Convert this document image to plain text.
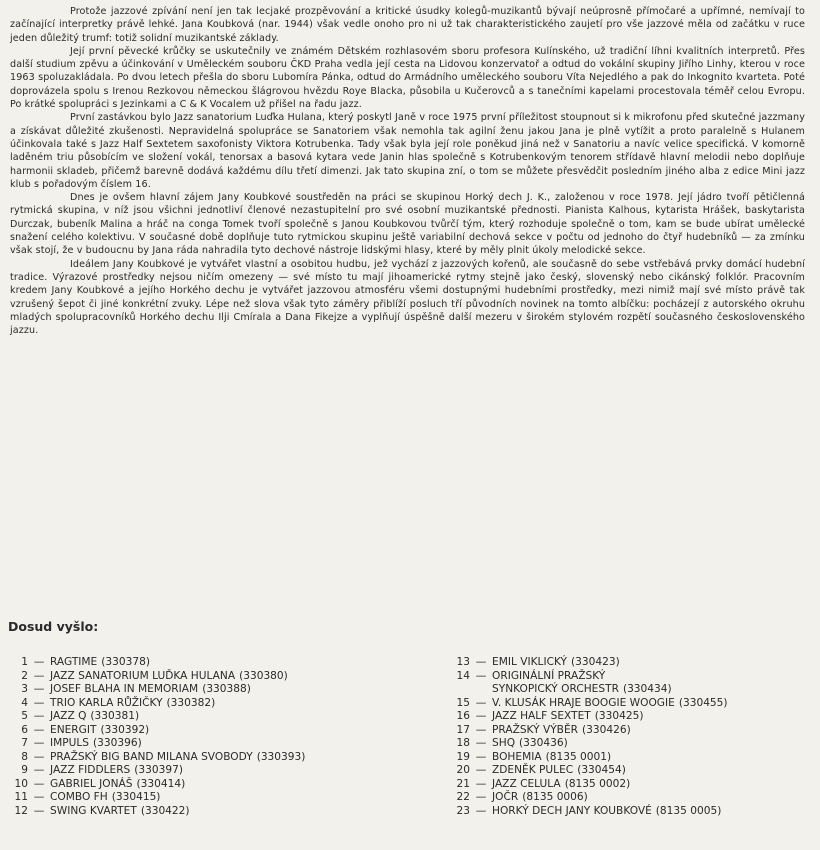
Protože jazzové zpívání není jen tak lecjaké prozpěvování a kritické úsudky kolegů-muzikantů bývají neúprosně přímočaré a upřímné, nemívají to začínající interpretky právě lehké. Jana Koubková (nar. 1944) však vedle onoho pro ni už tak charakteristického zaujetí pro vše jazzové měla od začátku v ruce jeden důležitý trumf: totiž solidní muzikantské základy.

Její první pěvecké krůčky se uskutečnily ve známém Dětském rozhlasovém sboru profesora Kulínského, už tradiční líhni kvalitních interpretů. Přes další studium zpěvu a účinkování v Uměleckém souboru ČKD Praha vedla její cesta na Lidovou konzervatoř a odtud do vokální skupiny Jiřího Linhy, kterou v roce 1963 spoluzakládala. Po dvou letech přešla do sboru Lubomíra Pánka, odtud do Armádního uměleckého souboru Víta Nejedlého a pak do Inkognito kvarteta. Poté doprovázela spolu s Irenou Rezkovou německou šlágrovou hvězdu Roye Blacka, působila u Kučerovců a s tanečními kapelami procestovala téměř celou Evropu. Po krátké spolupráci s Jezinkami a C & K Vocalem už přišel na řadu jazz.

První zastávkou bylo Jazz sanatorium Luďka Hulana, který poskytl Janě v roce 1975 první příležitost stoupnout si k mikrofonu před skutečné jazzmany a získávat důležité zkušenosti. Nepravidelná spolupráce se Sanatoriem však nemohla tak agilní ženu jakou Jana je plně vytížit a proto paralelně s Hulanem účinkovala také s Jazz Half Sextetem saxofonisty Viktora Kotrubenka. Tady však byla její role poněkud jiná než v Sanatoriu a navíc velice specifická. V komorně laděném triu působícím ve složení vokál, tenorsax a basová kytara vede Janin hlas společně s Kotrubenkovým tenorem střídavě hlavní melodii nebo doplňuje harmonii skladeb, přičemž barevně dodává každému dílu třetí dimenzi. Jak tato skupina zní, o tom se můžete přesvědčit posledním jiného alba z edice Mini jazz klub s pořadovým číslem 16.

Dnes je ovšem hlavní zájem Jany Koubkové soustředěn na práci se skupinou Horký dech J. K., založenou v roce 1978. Její jádro tvoří pětičlenná rytmická skupina, v níž jsou všichni jednotliví členové nezastupitelní pro své osobní muzikantské přednosti. Pianista Kalhous, kytarista Hrášek, baskytarista Durczak, bubeník Malina a hráč na conga Tomek tvoří společně s Janou Koubkovou tvůrčí tým, který rozhoduje společně o tom, kam se bude ubírat umělecké snažení celého kolektivu. V současné době doplňuje tuto rytmickou skupinu ještě variabilní dechová sekce v počtu od jednoho do čtyř hudebníků — za zmínku však stojí, že v budoucnu by Jana ráda nahradila tyto dechové nástroje lidskými hlasy, které by měly plnit úkoly melodické sekce.

Ideálem Jany Koubkové je vytvářet vlastní a osobitou hudbu, jež vychází z jazzových kořenů, ale současně do sebe vstřebává prvky domácí hudební tradice. Výrazové prostředky nejsou ničím omezeny — své místo tu mají jihoamerické rytmy stejně jako český, slovenský nebo cikánský folklór. Pracovním kredem Jany Koubkové a jejího Horkého dechu je vytvářet jazzovou atmosféru všemi dostupnými hudebními prostředky, mezi nimiž mají své místo právě tak vzrušený šepot či jiné konkrétní zvuky. Lépe než slova však tyto záměry přiblíží posluch tří původních novinek na tomto albíčku: pocházejí z autorského okruhu mladých spolupracovníků Horkého dechu Ilji Cmírala a Dana Fikejze a vyplňují úspěšně další mezeru v širokém stylovém rozpětí současného československého jazzu.

Dosud vyšlo:
1 — RAGTIME (330378)
2 — JAZZ SANATORIUM LUĎKA HULANA (330380)
3 — JOSEF BLAHA IN MEMORIAM (330388)
4 — TRIO KARLA RŮŽIČKY (330382)
5 — JAZZ Q (330381)
6 — ENERGIT (330392)
7 — IMPULS (330396)
8 — PRAŽSKÝ BIG BAND MILANA SVOBODY (330393)
9 — JAZZ FIDDLERS (330397)
10 — GABRIEL JONÁŠ (330414)
11 — COMBO FH (330415)
12 — SWING KVARTET (330422)
13 — EMIL VIKLICKÝ (330423)
14 — ORIGINÁLNÍ PRAŽSKÝ
SYNKOPICKÝ ORCHESTR (330434)
15 — V. KLUSÁK HRAJE BOOGIE WOOGIE (330455)
16 — JAZZ HALF SEXTET (330425)
17 — PRAŽSKÝ VÝBĚR (330426)
18 — SHQ (330436)
19 — BOHEMIA (8135 0001)
20 — ZDENĚK PULEC (330454)
21 — JAZZ CELULA (8135 0002)
22 — JOČR (8135 0006)
23 — HORKÝ DECH JANY KOUBKOVÉ (8135 0005)
